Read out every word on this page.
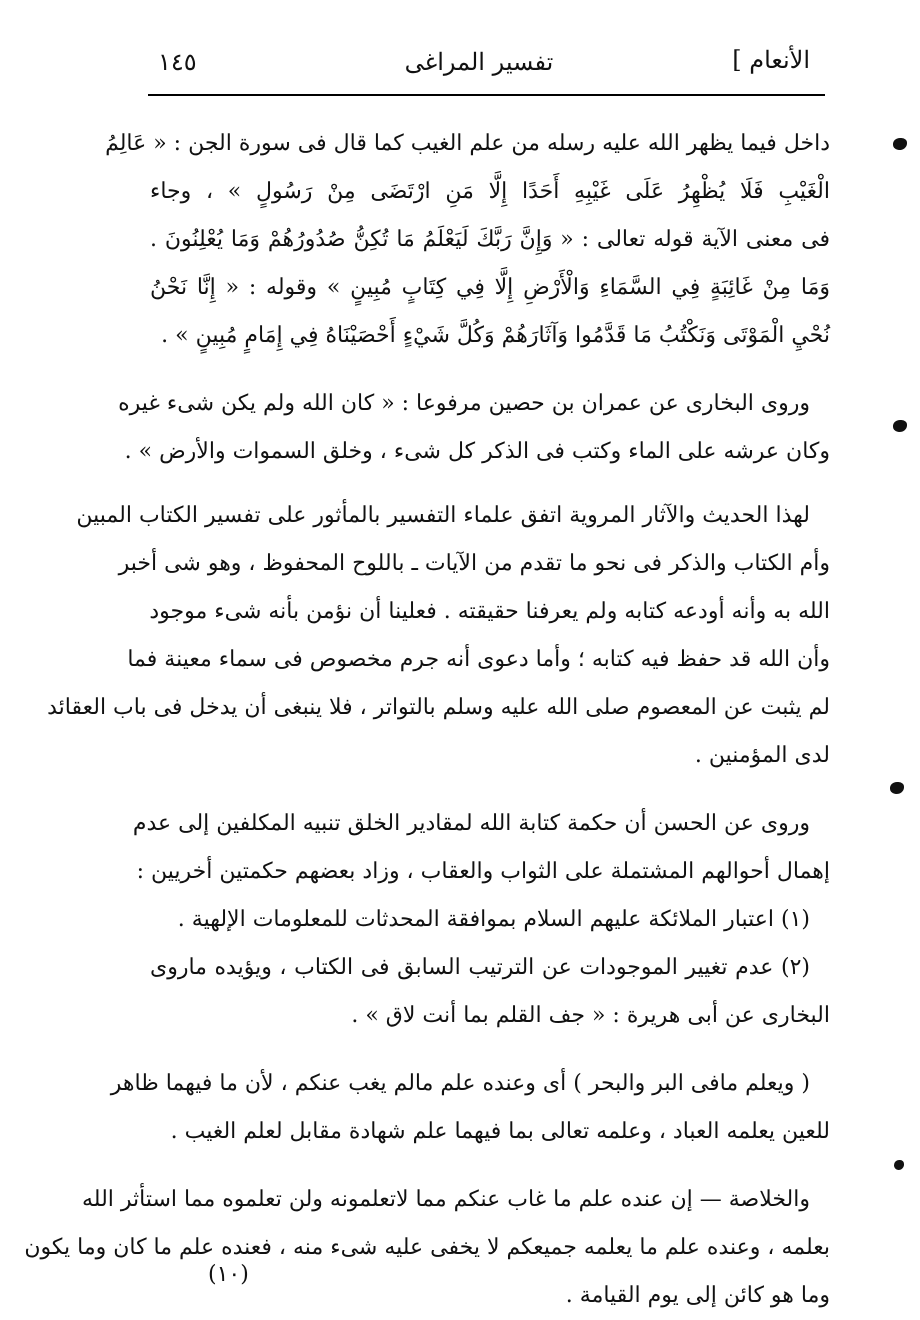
الأنعام ]
تفسير المراغى
١٤٥
داخل فيما يظهر الله عليه رسله من علم الغيب كما قال فى سورة الجن : « عَالِمُ
الْغَيْبِ فَلَا يُظْهِرُ عَلَى غَيْبِهِ أَحَدًا إِلَّا مَنِ ارْتَضَى مِنْ رَسُولٍ » ، وجاء
فى معنى الآية قوله تعالى : « وَإِنَّ رَبَّكَ لَيَعْلَمُ مَا تُكِنُّ صُدُورُهُمْ وَمَا يُعْلِنُونَ .
وَمَا مِنْ غَائِبَةٍ فِي السَّمَاءِ وَالْأَرْضِ إِلَّا فِي كِتَابٍ مُبِينٍ » وقوله : « إِنَّا نَحْنُ
نُحْيِ الْمَوْتَى وَنَكْتُبُ مَا قَدَّمُوا وَآثَارَهُمْ وَكُلَّ شَيْءٍ أَحْصَيْنَاهُ فِي إِمَامٍ مُبِينٍ » .
وروى البخارى عن عمران بن حصين مرفوعا : « كان الله ولم يكن شىء غيره
وكان عرشه على الماء وكتب فى الذكر كل شىء ، وخلق السموات والأرض » .
لهذا الحديث والآثار المروية اتفق علماء التفسير بالمأثور على تفسير الكتاب المبين
وأم الكتاب والذكر فى نحو ما تقدم من الآيات ـ باللوح المحفوظ ، وهو شى أخبر
الله به وأنه أودعه كتابه ولم يعرفنا حقيقته . فعلينا أن نؤمن بأنه شىء موجود
وأن الله قد حفظ فيه كتابه ؛ وأما دعوى أنه جرم مخصوص فى سماء معينة فما
لم يثبت عن المعصوم صلى الله عليه وسلم بالتواتر ، فلا ينبغى أن يدخل فى باب العقائد
لدى المؤمنين .
وروى عن الحسن أن حكمة كتابة الله لمقادير الخلق تنبيه المكلفين إلى عدم
إهمال أحوالهم المشتملة على الثواب والعقاب ، وزاد بعضهم حكمتين أخريين :
(١) اعتبار الملائكة عليهم السلام بموافقة المحدثات للمعلومات الإلهية .
(٢) عدم تغيير الموجودات عن الترتيب السابق فى الكتاب ، ويؤيده ماروى
البخارى عن أبى هريرة : « جف القلم بما أنت لاق » .
( ويعلم مافى البر والبحر ) أى وعنده علم مالم يغب عنكم ، لأن ما فيهما ظاهر
للعين يعلمه العباد ، وعلمه تعالى بما فيهما علم شهادة مقابل لعلم الغيب .
والخلاصة — إن عنده علم ما غاب عنكم مما لاتعلمونه ولن تعلموه مما استأثر الله
بعلمه ، وعنده علم ما يعلمه جميعكم لا يخفى عليه شىء منه ، فعنده علم ما كان وما يكون
وما هو كائن إلى يوم القيامة .
(١٠)
